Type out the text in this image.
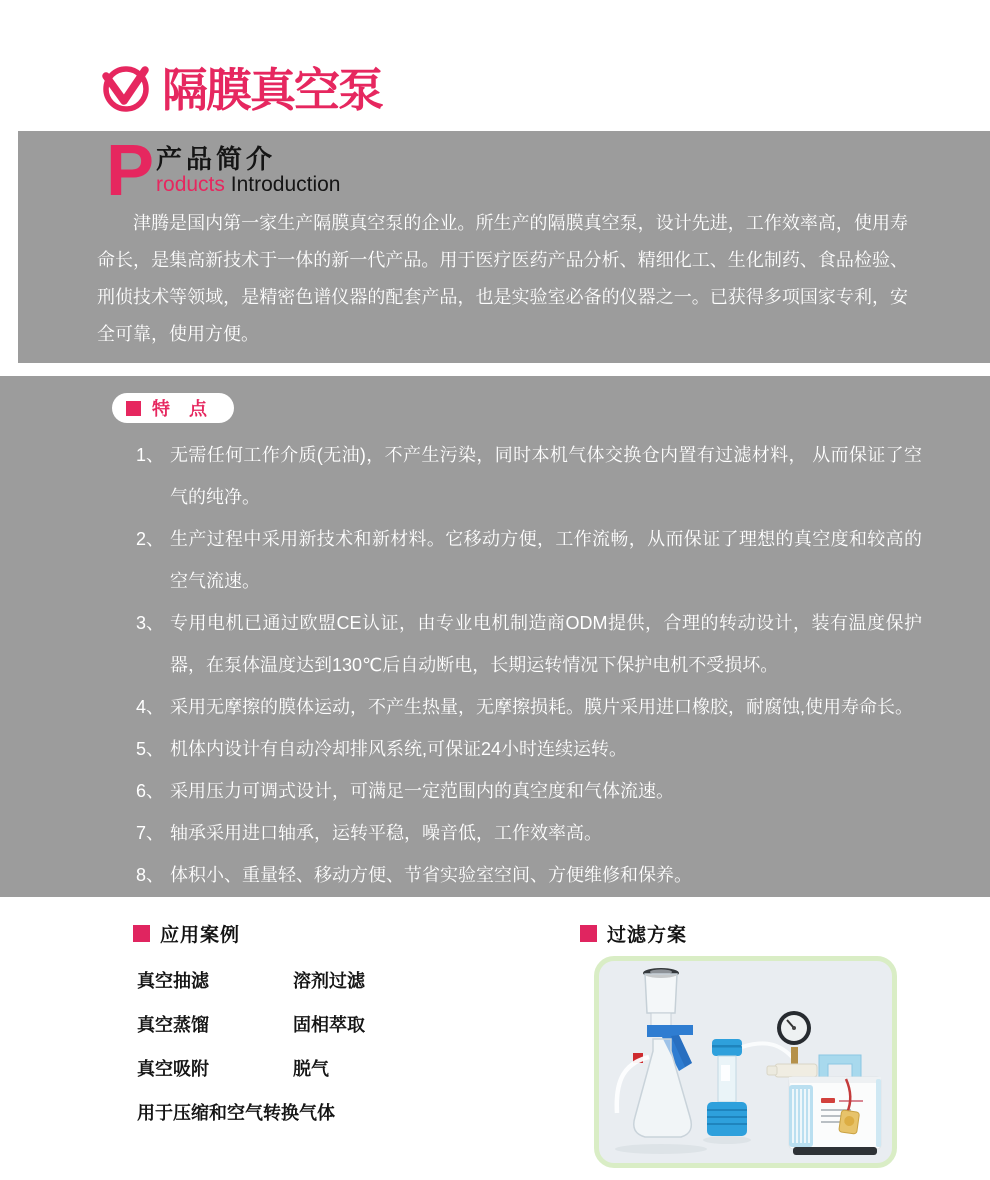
隔膜真空泵
P 产品简介
roducts Introduction
津腾是国内第一家生产隔膜真空泵的企业。所生产的隔膜真空泵，设计先进，工作效率高，使用寿命长，是集高新技术于一体的新一代产品。用于医疗医药产品分析、精细化工、生化制药、食品检验、刑侦技术等领域，是精密色谱仪器的配套产品，也是实验室必备的仪器之一。已获得多项国家专利，安全可靠，使用方便。
特 点
1、 无需任何工作介质(无油)，不产生污染，同时本机气体交换仓内置有过滤材料， 从而保证了空气的纯净。
2、 生产过程中采用新技术和新材料。它移动方便，工作流畅，从而保证了理想的真空度和较高的空气流速。
3、 专用电机已通过欧盟CE认证，由专业电机制造商ODM提供，合理的转动设计，装有温度保护器，在泵体温度达到130℃后自动断电，长期运转情况下保护电机不受损坏。
4、 采用无摩擦的膜体运动，不产生热量，无摩擦损耗。膜片采用进口橡胶，耐腐蚀,使用寿命长。
5、 机体内设计有自动冷却排风系统,可保证24小时连续运转。
6、 采用压力可调式设计，可满足一定范围内的真空度和气体流速。
7、 轴承采用进口轴承，运转平稳，噪音低，工作效率高。
8、 体积小、重量轻、移动方便、节省实验室空间、方便维修和保养。
应用案例
真空抽滤	溶剂过滤
真空蒸馏	固相萃取
真空吸附	脱气
用于压缩和空气转换气体
过滤方案
